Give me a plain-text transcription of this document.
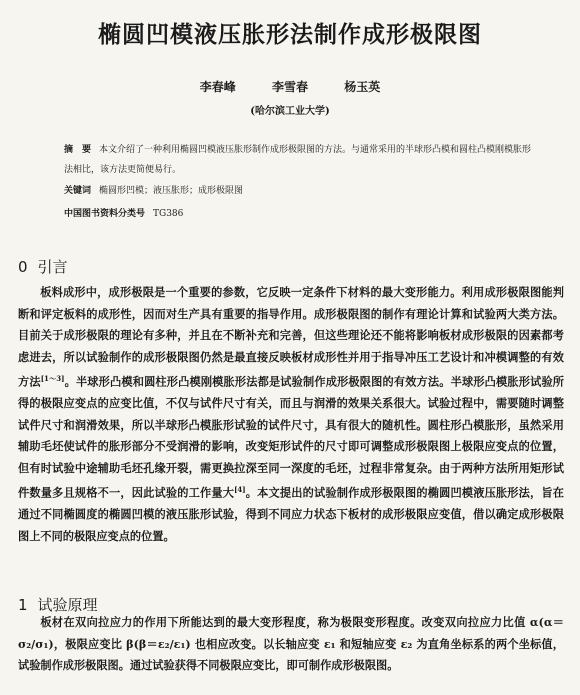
椭圆凹模液压胀形法制作成形极限图
李春峰	李雪春	杨玉英
(哈尔滨工业大学)
摘　要 本文介绍了一种利用椭圆凹模液压胀形制作成形极限图的方法。与通常采用的半球形凸模和圆柱凸模刚模胀形法相比，该方法更简便易行。
关键词 椭圆形凹模；液压胀形；成形极限图
中国图书资料分类号 TG386
0 引言
板料成形中，成形极限是一个重要的参数，它反映一定条件下材料的最大变形能力。利用成形极限图能判断和评定板料的成形性，因而对生产具有重要的指导作用。成形极限图的制作有理论计算和试验两大类方法。目前关于成形极限的理论有多种，并且在不断补充和完善，但这些理论还不能将影响板材成形极限的因素都考虑进去，所以试验制作的成形极限图仍然是最直接反映板材成形性并用于指导冲压工艺设计和冲模调整的有效方法[1～3]。半球形凸模和圆柱形凸模刚模胀形法都是试验制作成形极限图的有效方法。半球形凸模胀形试验所得的极限应变点的应变比值，不仅与试件尺寸有关，而且与润滑的效果关系很大。试验过程中，需要随时调整试件尺寸和润滑效果，所以半球形凸模胀形试验的试件尺寸，具有很大的随机性。圆柱形凸模胀形，虽然采用辅助毛坯使试件的胀形部分不受润滑的影响，改变矩形试件的尺寸即可调整成形极限图上极限应变点的位置，但有时试验中途辅助毛坯孔缘开裂，需更换拉深至同一深度的毛坯，过程非常复杂。由于两种方法所用矩形试件数量多且规格不一，因此试验的工作量大[4]。本文提出的试验制作成形极限图的椭圆凹模液压胀形法，旨在通过不同椭圆度的椭圆凹模的液压胀形试验，得到不同应力状态下板材的成形极限应变值，借以确定成形极限图上不同的极限应变点的位置。
1 试验原理
板材在双向拉应力的作用下所能达到的最大变形程度，称为极限变形程度。改变双向拉应力比值 α(α＝σ₂/σ₁)，极限应变比 β(β＝ε₂/ε₁) 也相应改变。以长轴应变 ε₁ 和短轴应变 ε₂ 为直角坐标系的两个坐标值，试验制作成形极限图。通过试验获得不同极限应变比，即可制作成形极限图。
